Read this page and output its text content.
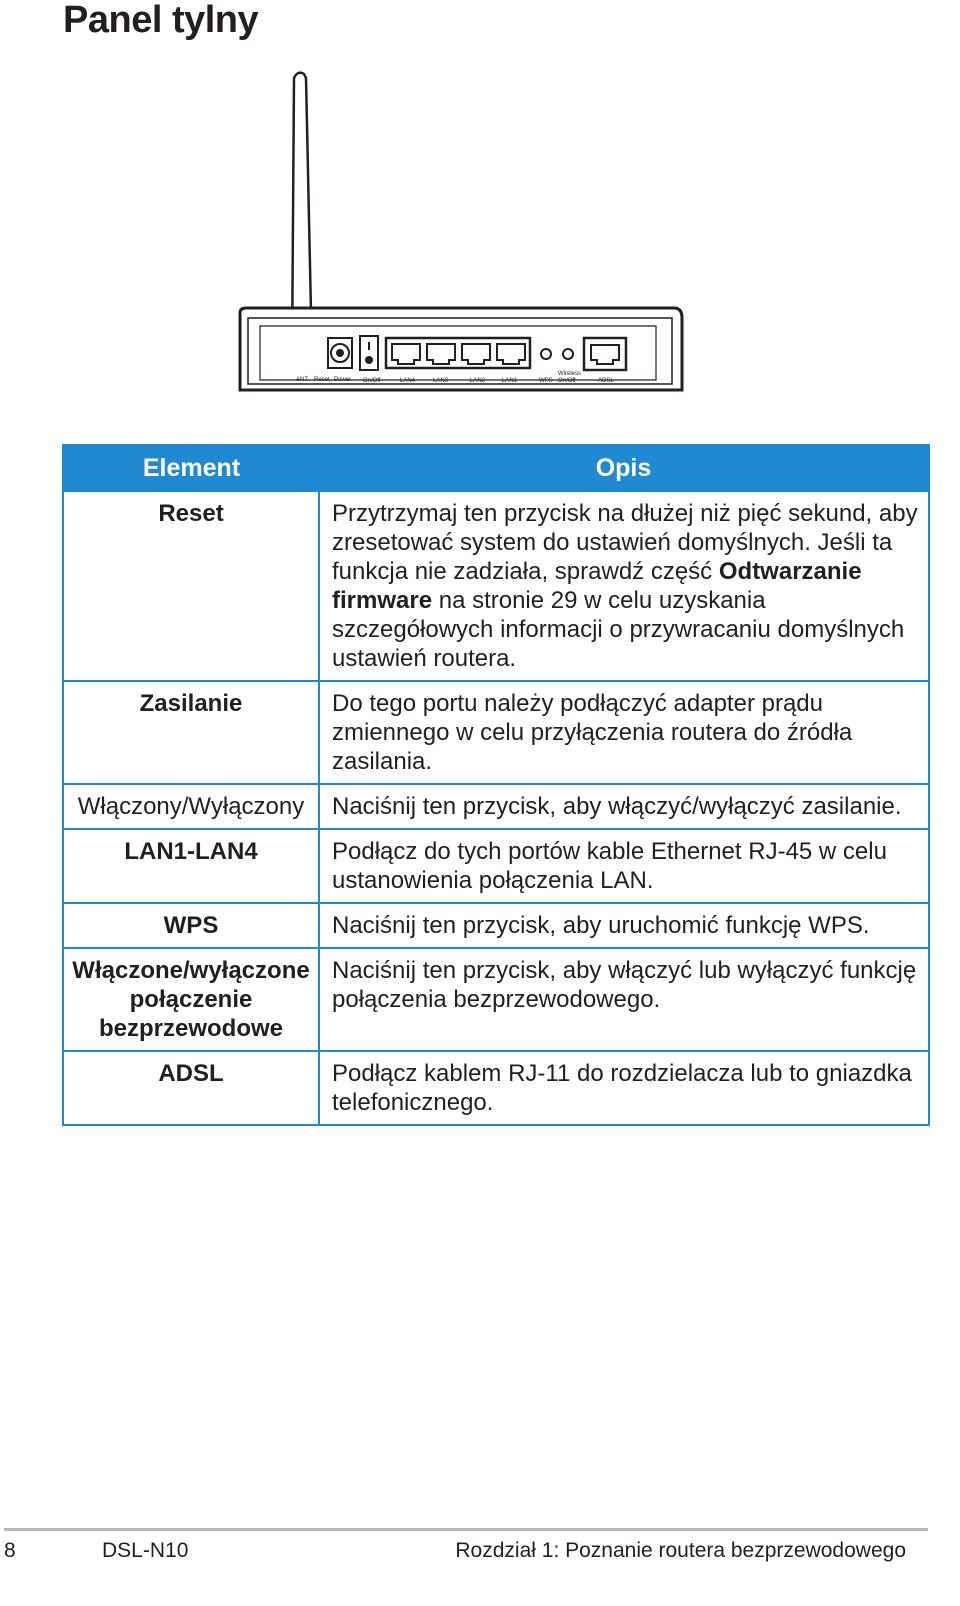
Panel tylny
ANT Reset Power On/Off	LAN4	LAN3	LAN2	LAN1	WPS
Wireless
On/Off	ADSL
Element	Opis
Reset	Przytrzymaj ten przycisk na dłużej niż pięć sekund, aby zresetować system do ustawień domyślnych. Jeśli ta funkcja nie zadziała, sprawdź część Odtwarzanie firmware na stronie 29 w celu uzyskania szczegółowych informacji o przywracaniu domyślnych ustawień routera.
Zasilanie	Do tego portu należy podłączyć adapter prądu zmiennego w celu przyłączenia routera do źródła zasilania.
Włączony/Wyłączony	Naciśnij ten przycisk, aby włączyć/wyłączyć zasilanie.
LAN1-LAN4	Podłącz do tych portów kable Ethernet RJ-45 w celu ustanowienia połączenia LAN.
WPS	Naciśnij ten przycisk, aby uruchomić funkcję WPS.
Włączone/wyłączone połączenie bezprzewodowe	Naciśnij ten przycisk, aby włączyć lub wyłączyć funkcję połączenia bezprzewodowego.
ADSL	Podłącz kablem RJ-11 do rozdzielacza lub to gniazdka telefonicznego.
8	DSL-N10	Rozdział 1: Poznanie routera bezprzewodowego
